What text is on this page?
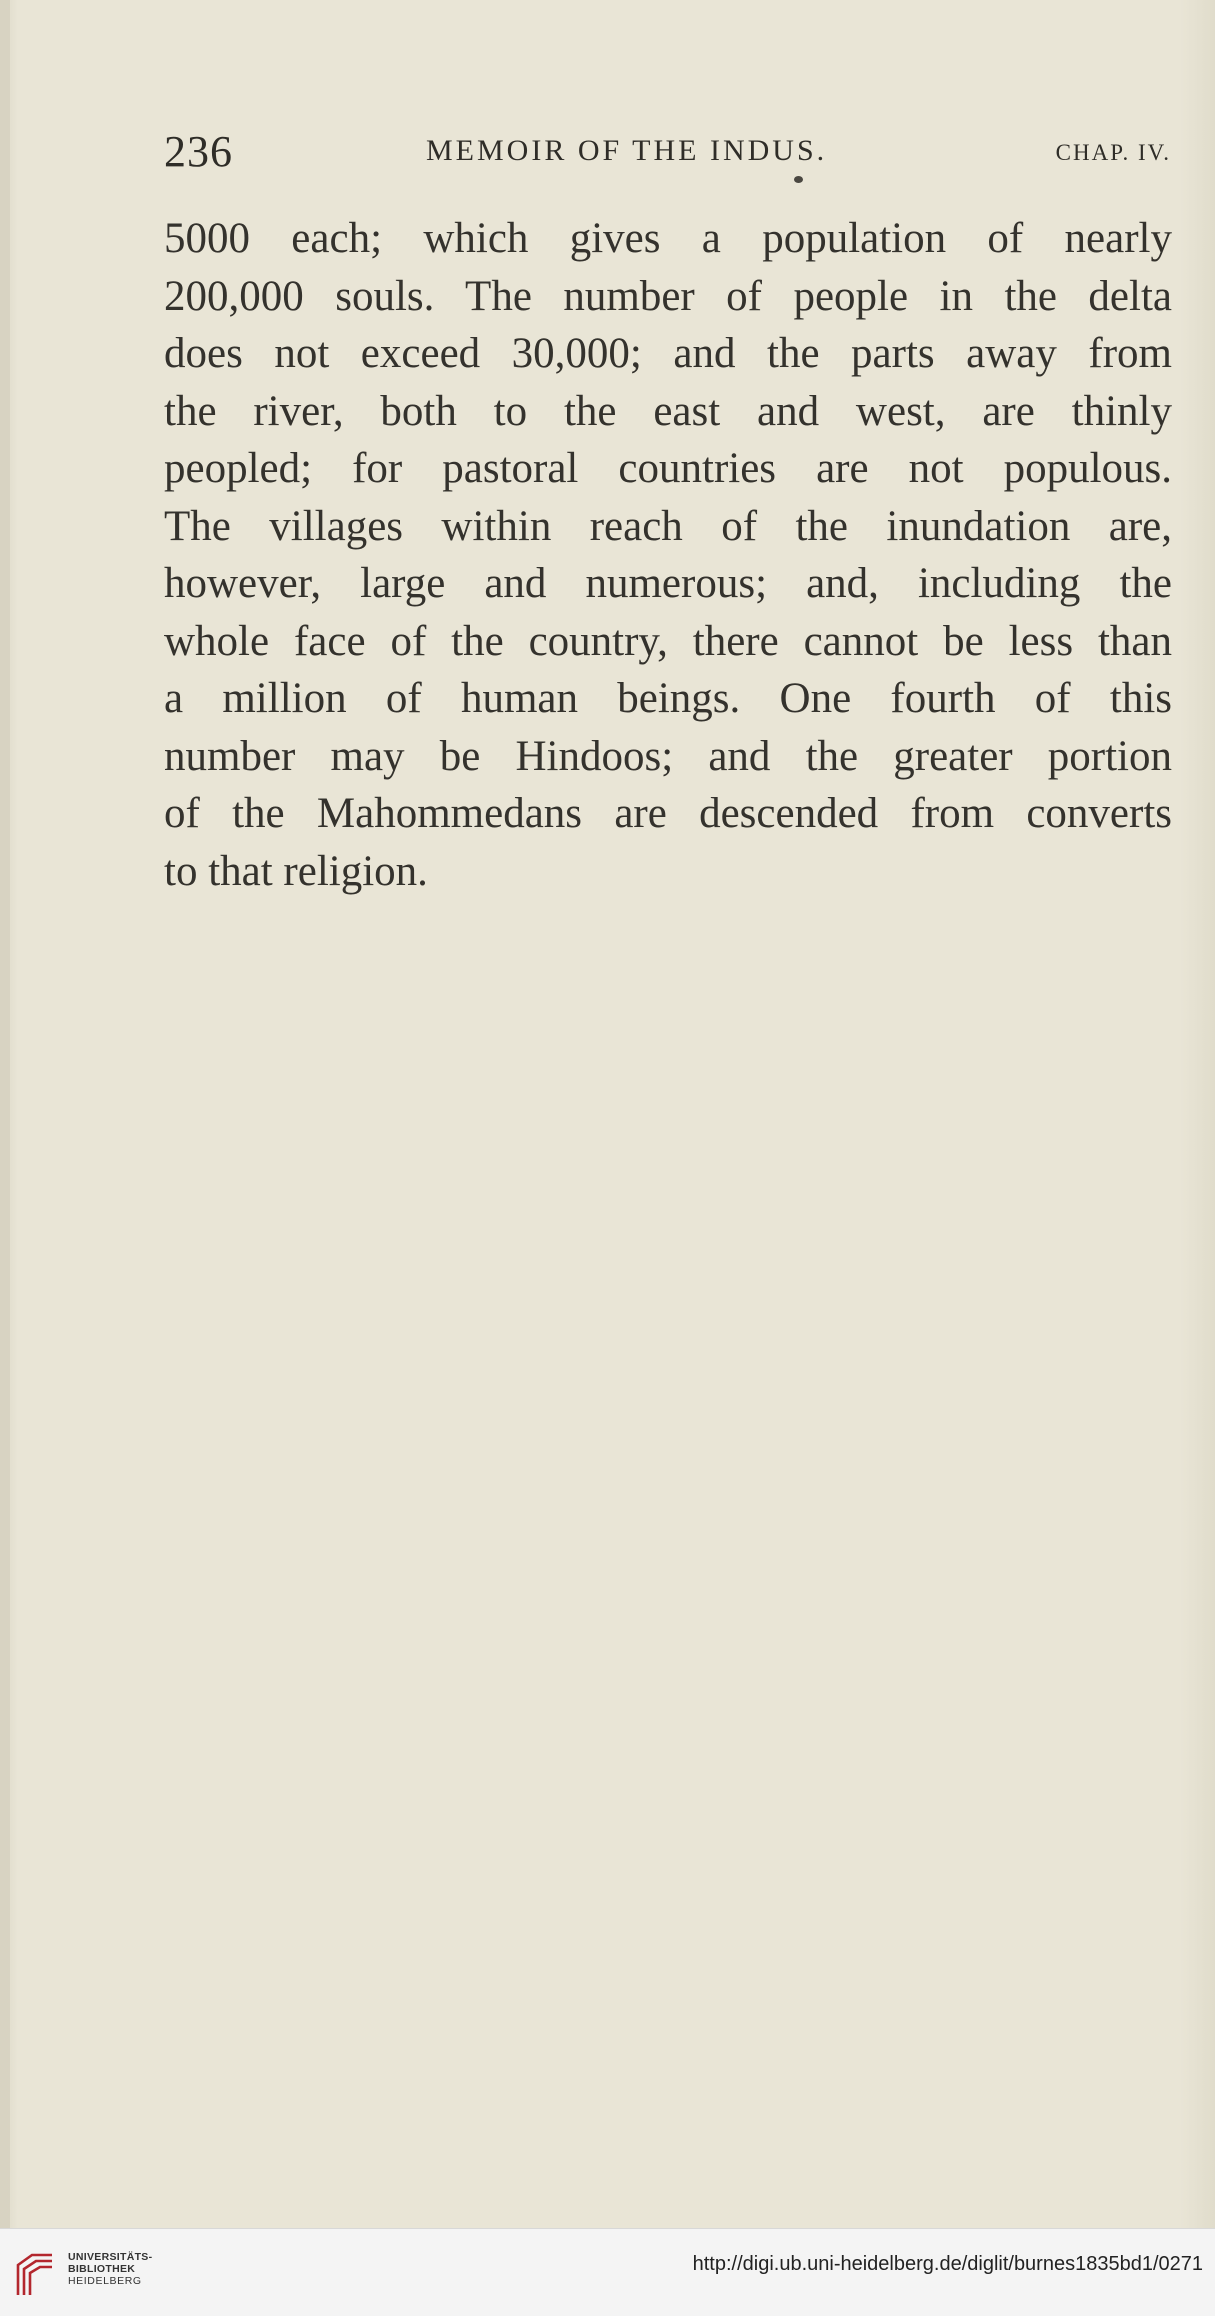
236	MEMOIR OF THE INDUS.	CHAP. IV.
5000 each; which gives a population of nearly
200,000 souls. The number of people in the delta
does not exceed 30,000; and the parts away from
the river, both to the east and west, are thinly
peopled; for pastoral countries are not populous.
The villages within reach of the inundation are,
however, large and numerous; and, including the
whole face of the country, there cannot be less than
a million of human beings. One fourth of this
number may be Hindoos; and the greater portion
of the Mahommedans are descended from converts
to that religion.
UNIVERSITÄTS-
BIBLIOTHEK
HEIDELBERG
http://digi.ub.uni-heidelberg.de/diglit/burnes1835bd1/0271
